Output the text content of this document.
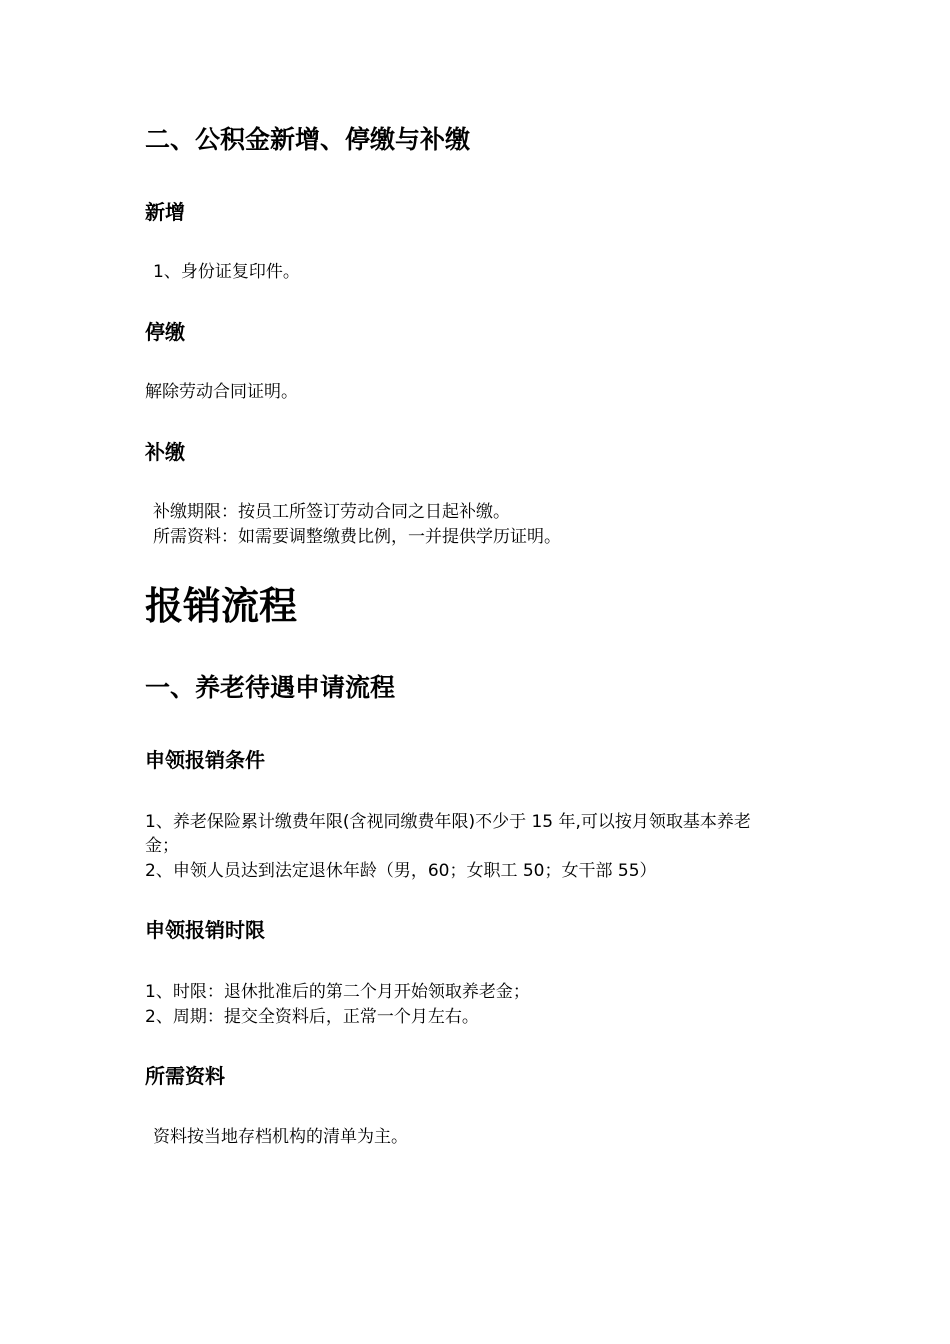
二、公积金新增、停缴与补缴
新增

1、身份证复印件。

停缴

解除劳动合同证明。

补缴

补缴期限：按员工所签订劳动合同之日起补缴。

所需资料：如需要调整缴费比例，一并提供学历证明。

报销流程
一、养老待遇申请流程
申领报销条件

1、养老保险累计缴费年限(含视同缴费年限)不少于 15 年,可以按月领取基本养老

金；

2、申领人员达到法定退休年龄（男，60；女职工 50；女干部 55）

申领报销时限

1、时限：退休批准后的第二个月开始领取养老金；

2、周期：提交全资料后，正常一个月左右。

所需资料

资料按当地存档机构的清单为主。
